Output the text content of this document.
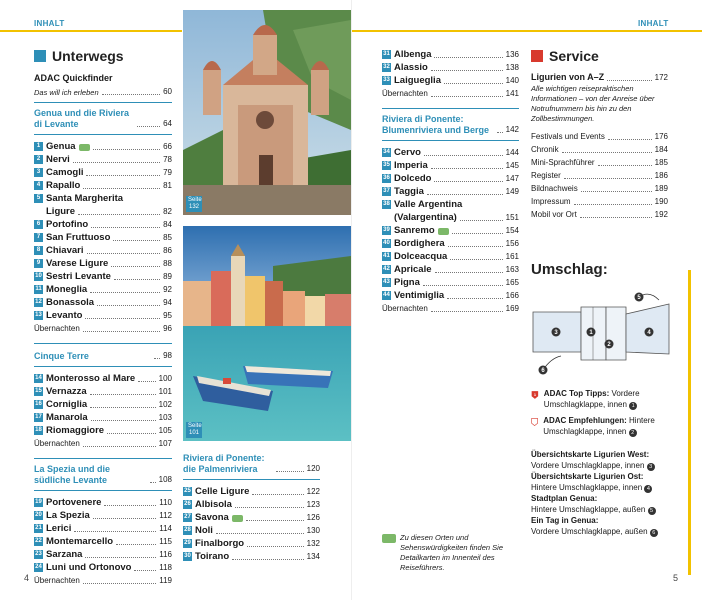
INHALT	INHALT
Unterwegs
ADAC Quickfinder
Das will ich erleben	60
Genua und die Riviera di Levante	64
1 Genua	66
2 Nervi	78
3 Camogli	79
4 Rapallo	81
5 Santa Margherita
Ligure	82
6 Portofino	84
7 San Fruttuoso	85
8 Chiavari	86
9 Varese Ligure	88
10 Sestri Levante	89
11 Moneglia	92
12 Bonassola	94
13 Levanto	95
Übernachten	96
Cinque Terre	98
14 Monterosso al Mare	100
15 Vernazza	101
16 Corniglia	102
17 Manarola	103
18 Riomaggiore	105
Übernachten	107
La Spezia und die südliche Levante	108
19 Portovenere	110
20 La Spezia	112
21 Lerici	114
22 Montemarcello	115
23 Sarzana	116
24 Luni und Ortonovo	118
Übernachten	119
Seite 132
Seite 101
Riviera di Ponente: die Palmenriviera	120
25 Celle Ligure	122
26 Albisola	123
27 Savona	126
28 Noli	130
29 Finalborgo	132
30 Toirano	134
31 Albenga	136
32 Alassio	138
33 Laigueglia	140
Übernachten	141
Riviera di Ponente: Blumenriviera und Berge	142
34 Cervo	144
35 Imperia	145
36 Dolcedo	147
37 Taggia	149
38 Valle Argentina
(Valargentina)	151
39 Sanremo	154
40 Bordighera	156
41 Dolceacqua	161
42 Apricale	163
43 Pigna	165
44 Ventimiglia	166
Übernachten	169
Zu diesen Orten und Sehenswürdigkeiten finden Sie Detailkarten im Innenteil des Reiseführers.
Service
Ligurien von A–Z	172
Alle wichtigen reisepraktischen Informationen – von der Anreise über Notrufnummern bis hin zu den Zollbestimmungen.
Festivals und Events	176
Chronik	184
Mini-Sprachführer	185
Register	186
Bildnachweis	189
Impressum	190
Mobil vor Ort	192
Umschlag:
1
2
3	4
5
6
1 ADAC Top Tipps: Vordere Umschlagklappe, innen 1
ADAC Empfehlungen: Hintere Umschlagklappe, innen 2
Übersichtskarte Ligurien West:
Vordere Umschlagklappe, innen 3
Übersichtskarte Ligurien Ost:
Hintere Umschlagklappe, innen 4
Stadtplan Genua:
Hintere Umschlagklappe, außen 5
Ein Tag in Genua:
Vordere Umschlagklappe, außen 6
4	5
